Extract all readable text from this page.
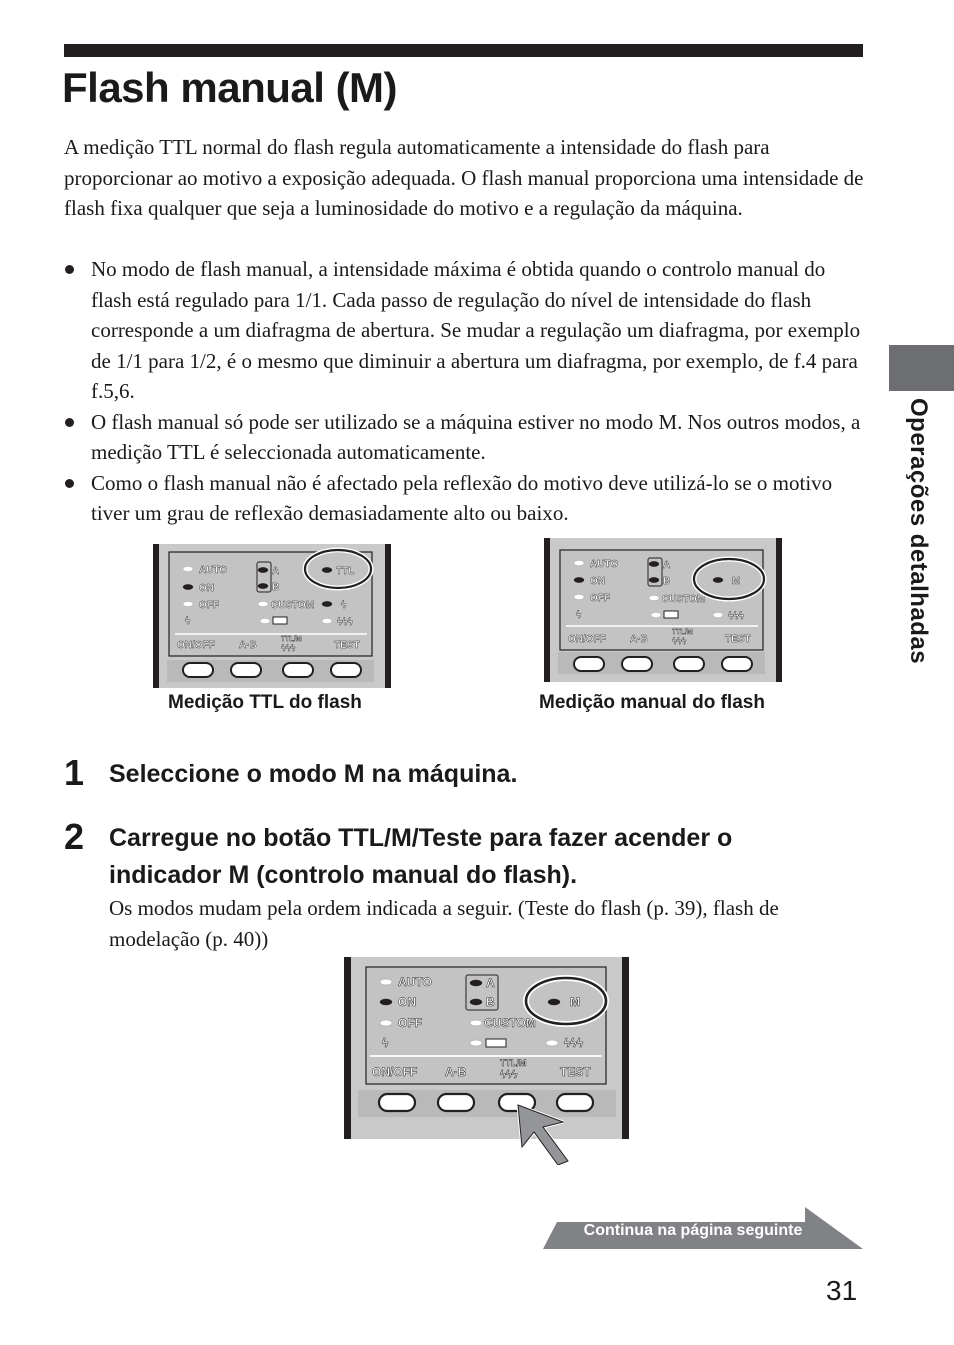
Flash manual (M)
A medição TTL normal do flash regula automaticamente a intensidade do flash para proporcionar ao motivo a exposição adequada. O flash manual proporciona uma intensidade de flash fixa qualquer que seja a luminosidade do motivo e a regulação da máquina.
No modo de flash manual, a intensidade máxima é obtida quando o controlo manual do flash está regulado para 1/1. Cada passo de regulação do nível de intensidade do flash corresponde a um diafragma de abertura. Se mudar a regulação um diafragma, por exemplo de 1/1 para 1/2, é o mesmo que diminuir a abertura um diafragma, por exemplo, de f.4 para f.5,6.
O flash manual só pode ser utilizado se a máquina estiver no modo M. Nos outros modos, a medição TTL é seleccionada automaticamente.
Como o flash manual não é afectado pela reflexão do motivo deve utilizá-lo se o motivo tiver um grau de reflexão demasiadamente alto ou baixo.	Operações detalhadas
AUTO
ON
OFF
ϟ
A
B
CUSTOM
TTL
ϟ
ϟϟϟ
ON/OFF A·B
TTL/M
ϟϟϟ	TEST
Medição TTL do flash
AUTO
ON
OFF
ϟ
A
B
CUSTOM
M
ϟϟϟ
ON/OFF A·B
TTL/M
ϟϟϟ	TEST
Medição manual do flash
1 Seleccione o modo M na máquina.
2 Carregue no botão TTL/M/Teste para fazer acender o indicador M (controlo manual do flash).
Os modos mudam pela ordem indicada a seguir. (Teste do flash (p. 39), flash de modelação (p. 40))
AUTO
ON
OFF
ϟ
A
B
CUSTOM
M
ϟϟϟ
ON/OFF A·B
TTL/M
ϟϟϟ	TEST
Continua na página seguinte
31
